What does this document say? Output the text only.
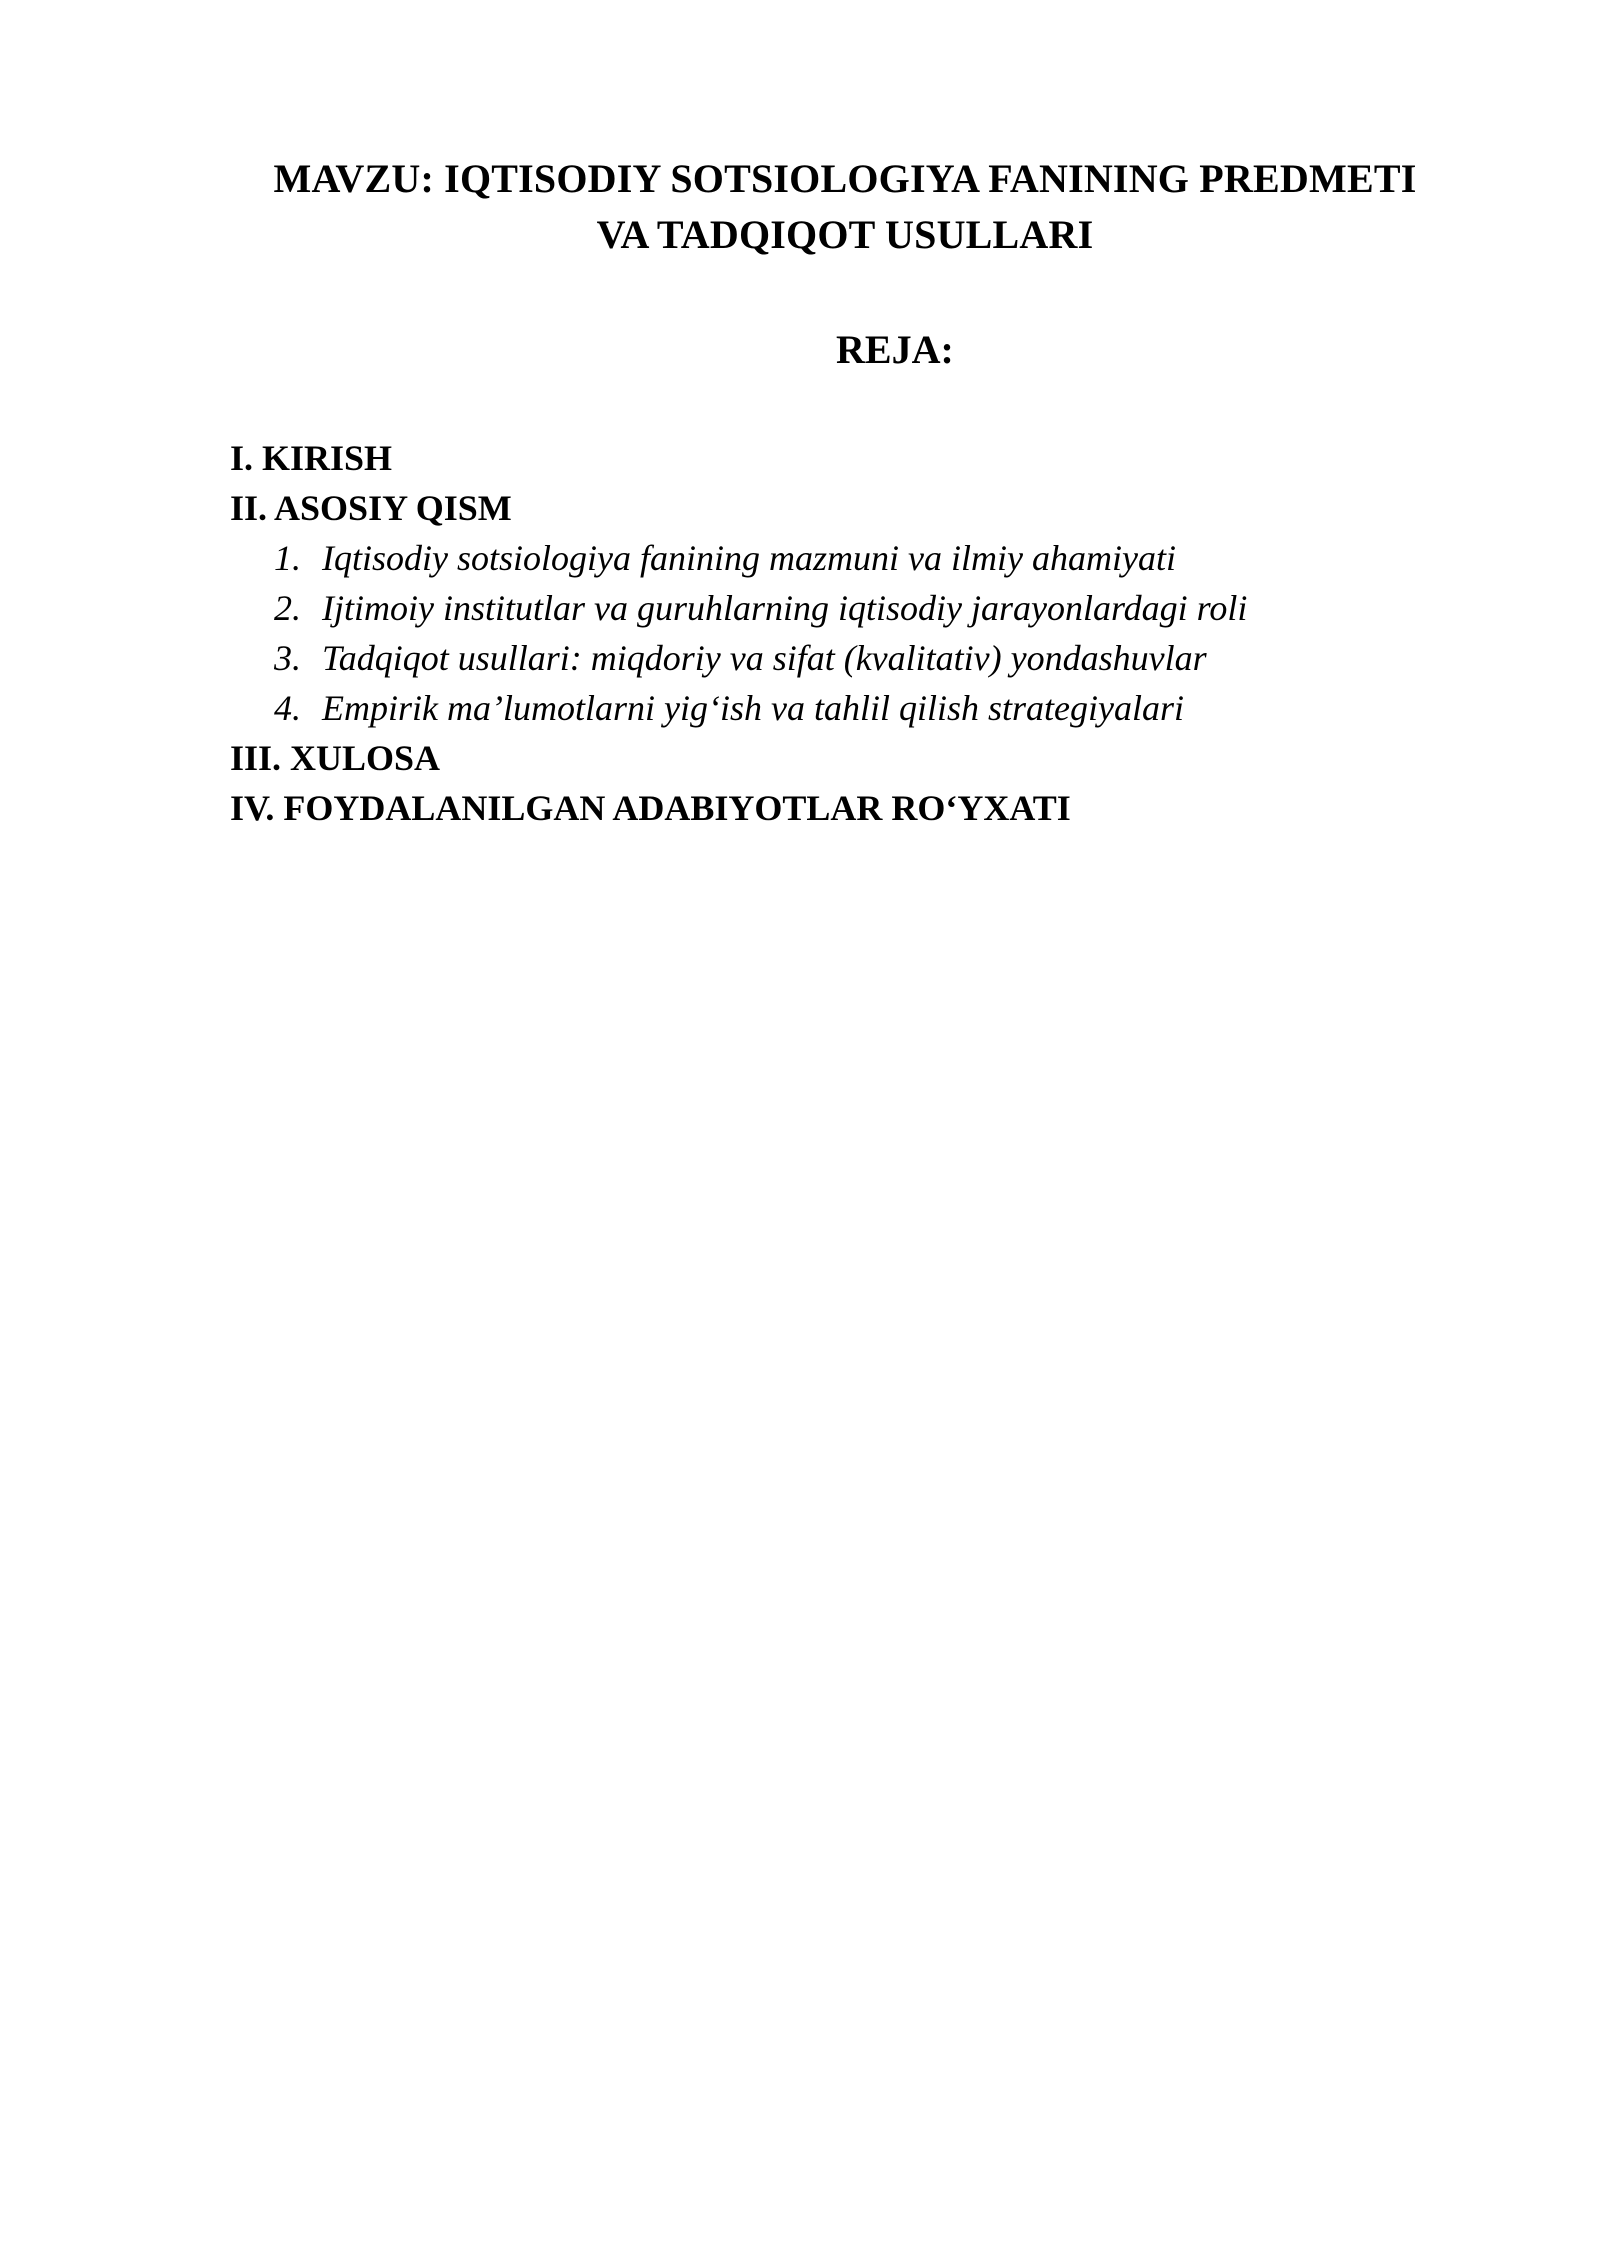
MAVZU: IQTISODIY SOTSIOLOGIYA FANINING PREDMETI
VA TADQIQOT USULLARI
REJA:
I. KIRISH
II. ASOSIY QISM
1. Iqtisodiy sotsiologiya fanining mazmuni va ilmiy ahamiyati
2. Ijtimoiy institutlar va guruhlarning iqtisodiy jarayonlardagi roli
3. Tadqiqot usullari: miqdoriy va sifat (kvalitativ) yondashuvlar
4. Empirik ma’lumotlarni yig‘ish va tahlil qilish strategiyalari
III. XULOSA
IV. FOYDALANILGAN ADABIYOTLAR RO‘YXATI
